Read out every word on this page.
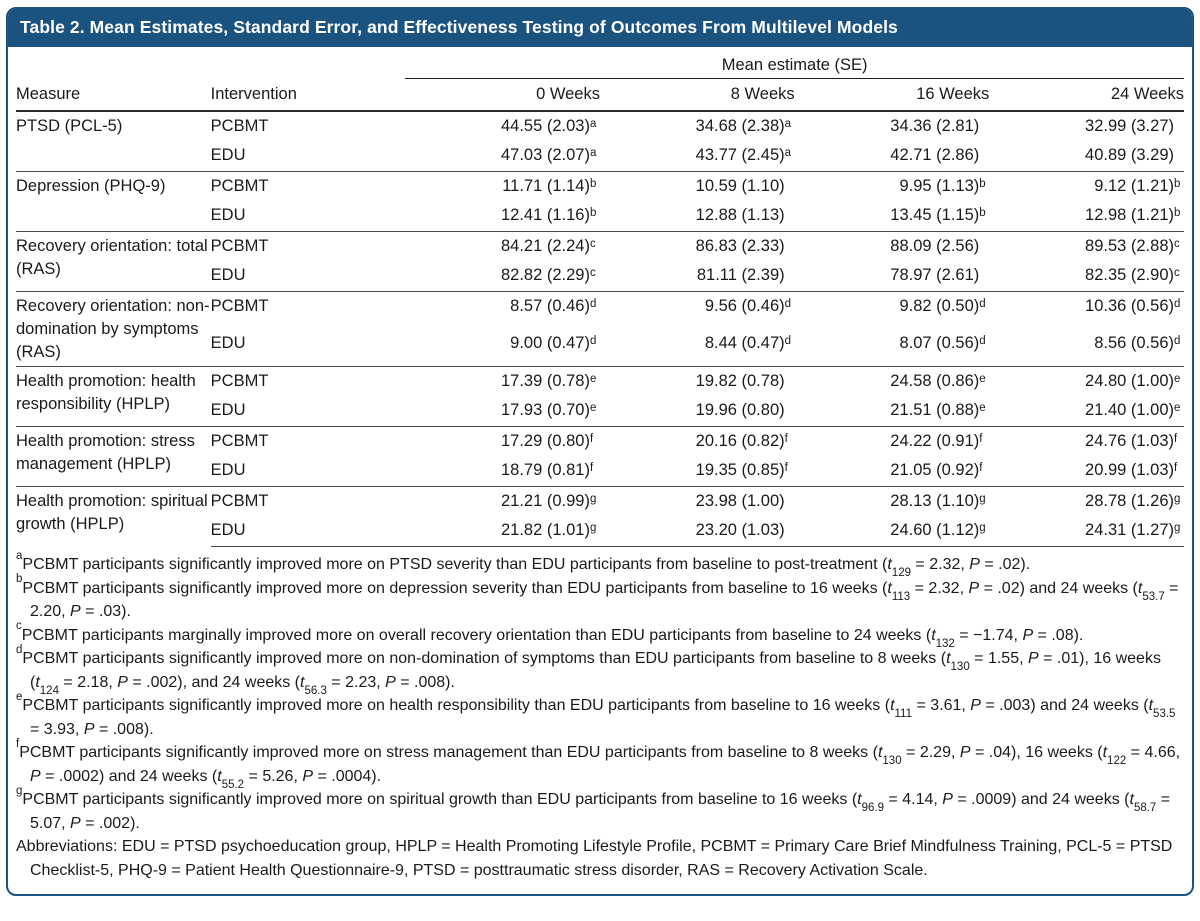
Table 2. Mean Estimates, Standard Error, and Effectiveness Testing of Outcomes From Multilevel Models
		Mean estimate (SE)			
Measure	Intervention	0 Weeks	8 Weeks	16 Weeks	24 Weeks
PTSD (PCL-5)	PCBMT	44.55 (2.03)a	34.68 (2.38)a	34.36 (2.81)	32.99 (3.27)
	EDU	47.03 (2.07)a	43.77 (2.45)a	42.71 (2.86)	40.89 (3.29)
Depression (PHQ-9)	PCBMT	11.71 (1.14)b	10.59 (1.10)	9.95 (1.13)b	9.12 (1.21)b
	EDU	12.41 (1.16)b	12.88 (1.13)	13.45 (1.15)b	12.98 (1.21)b
Recovery orientation: total (RAS)	PCBMT	84.21 (2.24)c	86.83 (2.33)	88.09 (2.56)	89.53 (2.88)c
	EDU	82.82 (2.29)c	81.11 (2.39)	78.97 (2.61)	82.35 (2.90)c
Recovery orientation: non-domination by symptoms (RAS)	PCBMT	8.57 (0.46)d	9.56 (0.46)d	9.82 (0.50)d	10.36 (0.56)d
	EDU	9.00 (0.47)d	8.44 (0.47)d	8.07 (0.56)d	8.56 (0.56)d
Health promotion: health responsibility (HPLP)	PCBMT	17.39 (0.78)e	19.82 (0.78)	24.58 (0.86)e	24.80 (1.00)e
	EDU	17.93 (0.70)e	19.96 (0.80)	21.51 (0.88)e	21.40 (1.00)e
Health promotion: stress management (HPLP)	PCBMT	17.29 (0.80)f	20.16 (0.82)f	24.22 (0.91)f	24.76 (1.03)f
	EDU	18.79 (0.81)f	19.35 (0.85)f	21.05 (0.92)f	20.99 (1.03)f
Health promotion: spiritual growth (HPLP)	PCBMT	21.21 (0.99)g	23.98 (1.00)	28.13 (1.10)g	28.78 (1.26)g
	EDU	21.82 (1.01)g	23.20 (1.03)	24.60 (1.12)g	24.31 (1.27)g

$^a$PCBMT participants significantly improved more on PTSD severity than EDU participants from baseline to post-treatment ($t_{129} = 2.32$, P = .02).

$^b$PCBMT participants significantly improved more on depression severity than EDU participants from baseline to 16 weeks ($t_{113} = 2.32$, P = .02) and 24 weeks ($t_{53.7} = 2.20$, P = .03).

$^c$PCBMT participants marginally improved more on overall recovery orientation than EDU participants from baseline to 24 weeks ($t_{132} = -1.74$, P = .08).

$^d$PCBMT participants significantly improved more on non-domination of symptoms than EDU participants from baseline to 8 weeks ($t_{130} = 1.55$, P = .01), 16 weeks ($t_{124} = 2.18$, P = .002), and 24 weeks ($t_{56.3} = 2.23$, P = .008).

$^e$PCBMT participants significantly improved more on health responsibility than EDU participants from baseline to 16 weeks ($t_{111} = 3.61$, P = .003) and 24 weeks ($t_{53.5} = 3.93$, P = .008).

$^f$PCBMT participants significantly improved more on stress management than EDU participants from baseline to 8 weeks ($t_{130} = 2.29$, P = .04), 16 weeks ($t_{122} = 4.66$, P = .0002) and 24 weeks ($t_{55.2} = 5.26$, P = .0004).

$^g$PCBMT participants significantly improved more on spiritual growth than EDU participants from baseline to 16 weeks ($t_{96.9} = 4.14$, P = .0009) and 24 weeks ($t_{58.7} = 5.07$, P = .002).

Abbreviations: EDU = PTSD psychoeducation group, HPLP = Health Promoting Lifestyle Profile, PCBMT = Primary Care Brief Mindfulness Training, PCL-5 = PTSD Checklist-5, PHQ-9 = Patient Health Questionnaire-9, PTSD = posttraumatic stress disorder, RAS = Recovery Activation Scale.
